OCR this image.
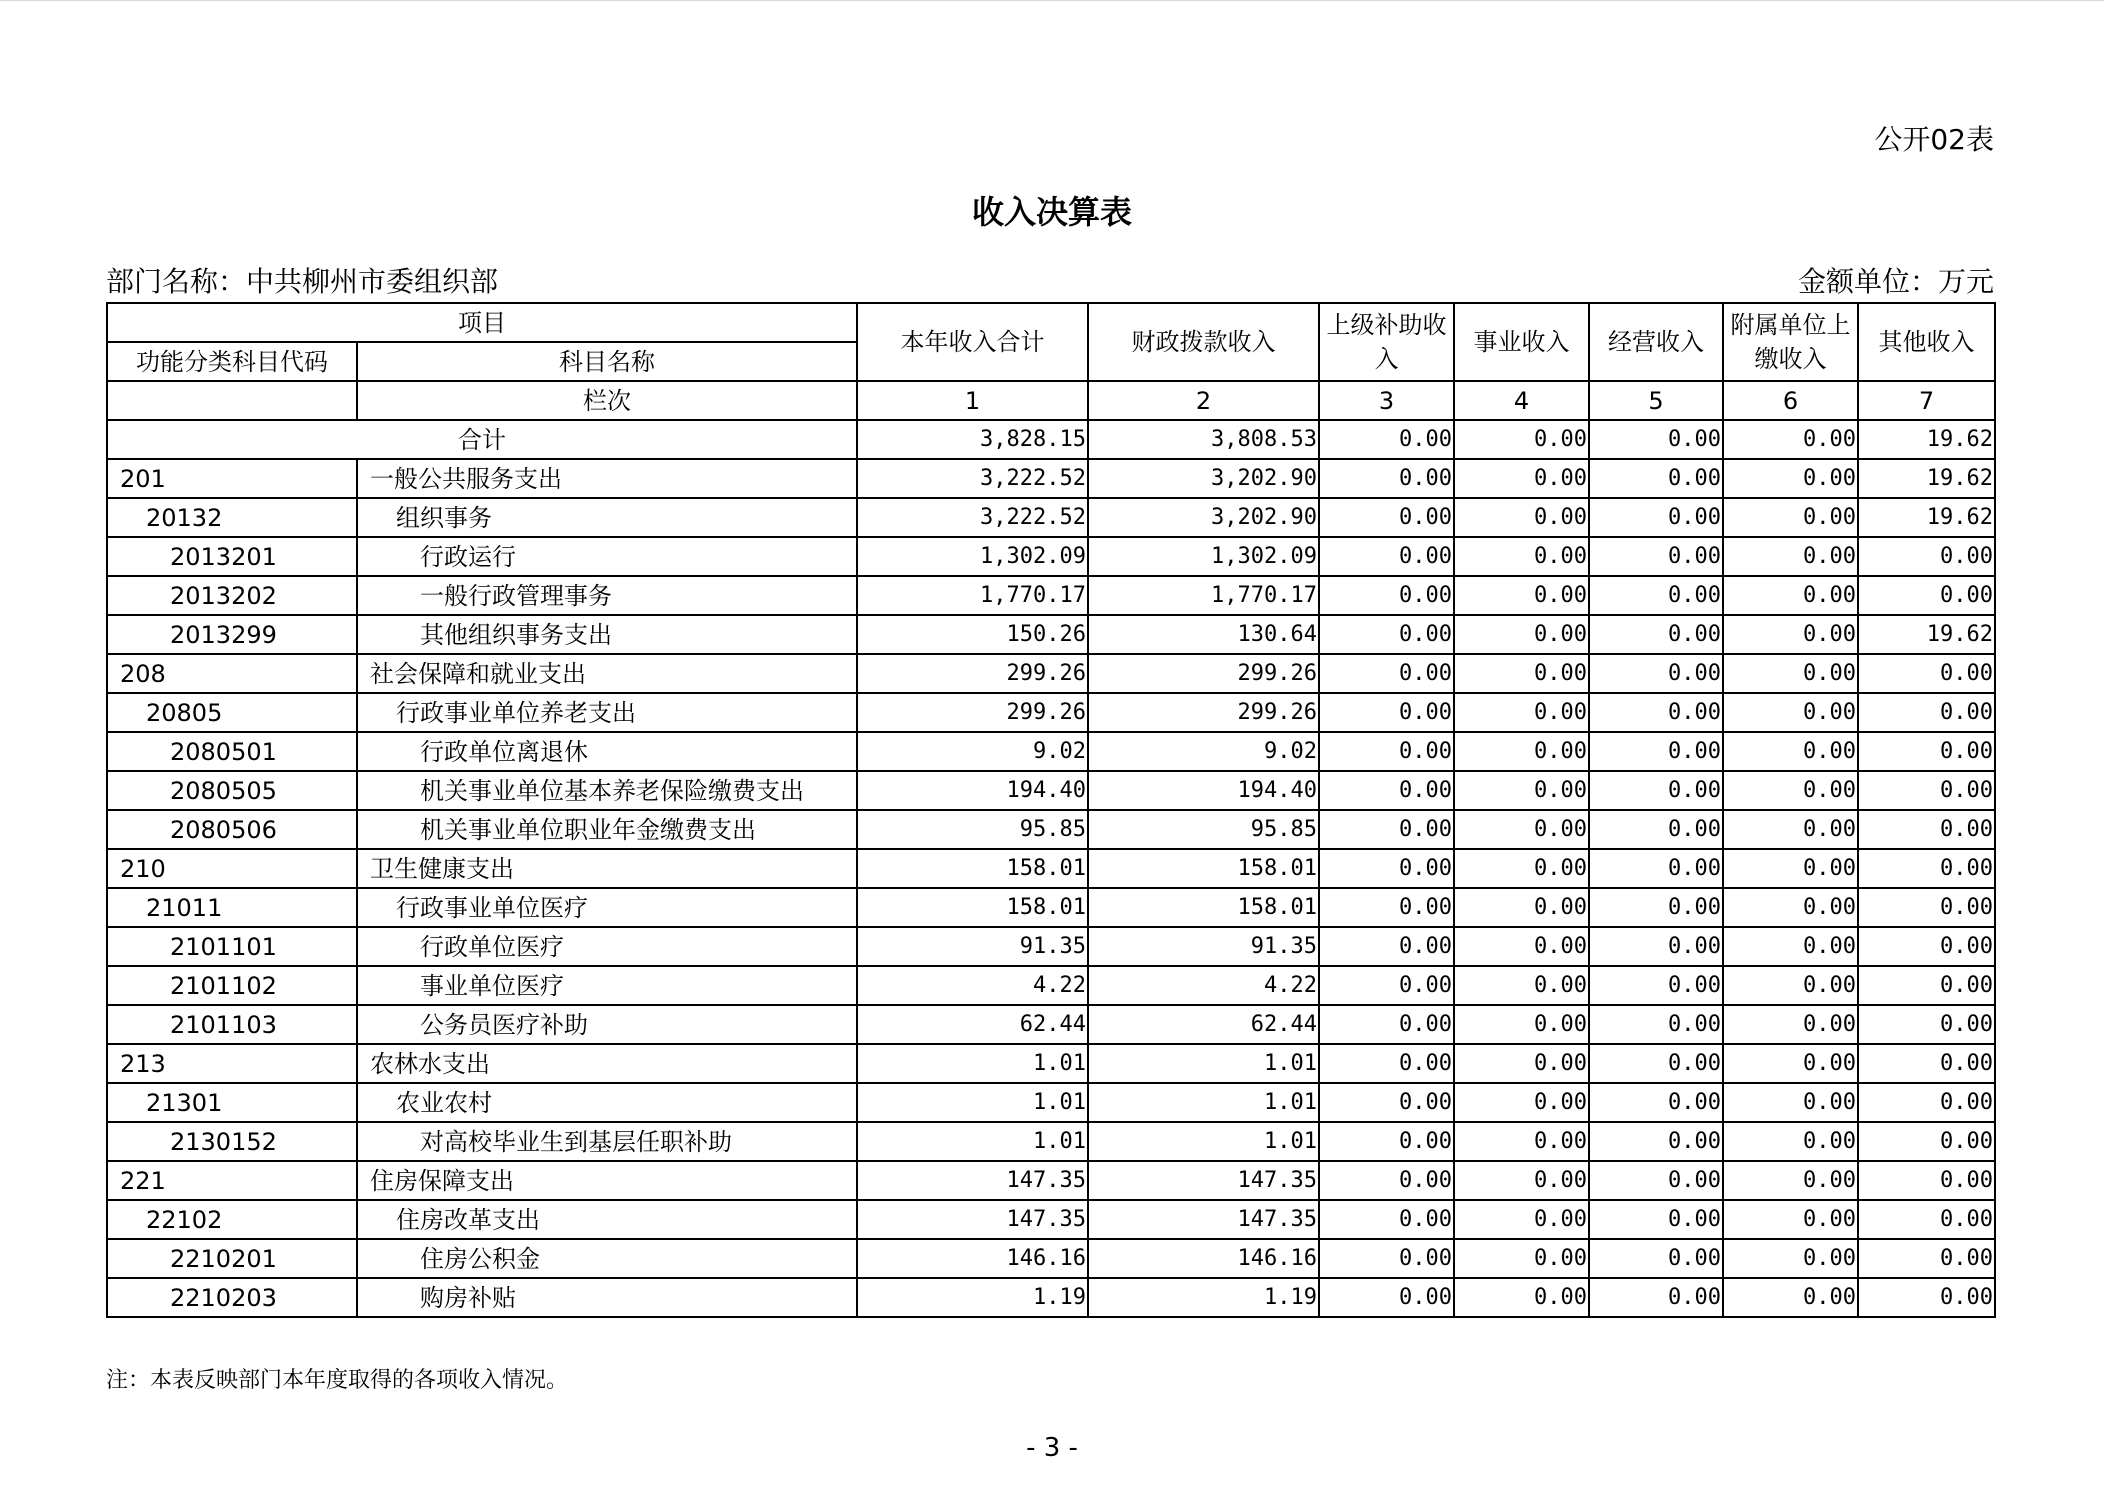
公开02表
收入决算表
部门名称：中共柳州市委组织部	金额单位：万元
项目		本年收入合计	财政拨款收入	上级补助收入	事业收入	经营收入	附属单位上缴收入	其他收入
功能分类科目代码	科目名称							
	栏次	1	2	3	4	5	6	7
合计		3,828.15	3,808.53	0.00	0.00	0.00	0.00	19.62
201	一般公共服务支出	3,222.52	3,202.90	0.00	0.00	0.00	0.00	19.62
20132	组织事务	3,222.52	3,202.90	0.00	0.00	0.00	0.00	19.62
2013201	行政运行	1,302.09	1,302.09	0.00	0.00	0.00	0.00	0.00
2013202	一般行政管理事务	1,770.17	1,770.17	0.00	0.00	0.00	0.00	0.00
2013299	其他组织事务支出	150.26	130.64	0.00	0.00	0.00	0.00	19.62
208	社会保障和就业支出	299.26	299.26	0.00	0.00	0.00	0.00	0.00
20805	行政事业单位养老支出	299.26	299.26	0.00	0.00	0.00	0.00	0.00
2080501	行政单位离退休	9.02	9.02	0.00	0.00	0.00	0.00	0.00
2080505	机关事业单位基本养老保险缴费支出	194.40	194.40	0.00	0.00	0.00	0.00	0.00
2080506	机关事业单位职业年金缴费支出	95.85	95.85	0.00	0.00	0.00	0.00	0.00
210	卫生健康支出	158.01	158.01	0.00	0.00	0.00	0.00	0.00
21011	行政事业单位医疗	158.01	158.01	0.00	0.00	0.00	0.00	0.00
2101101	行政单位医疗	91.35	91.35	0.00	0.00	0.00	0.00	0.00
2101102	事业单位医疗	4.22	4.22	0.00	0.00	0.00	0.00	0.00
2101103	公务员医疗补助	62.44	62.44	0.00	0.00	0.00	0.00	0.00
213	农林水支出	1.01	1.01	0.00	0.00	0.00	0.00	0.00
21301	农业农村	1.01	1.01	0.00	0.00	0.00	0.00	0.00
2130152	对高校毕业生到基层任职补助	1.01	1.01	0.00	0.00	0.00	0.00	0.00
221	住房保障支出	147.35	147.35	0.00	0.00	0.00	0.00	0.00
22102	住房改革支出	147.35	147.35	0.00	0.00	0.00	0.00	0.00
2210201	住房公积金	146.16	146.16	0.00	0.00	0.00	0.00	0.00
2210203	购房补贴	1.19	1.19	0.00	0.00	0.00	0.00	0.00
注：本表反映部门本年度取得的各项收入情况。
- 3 -
